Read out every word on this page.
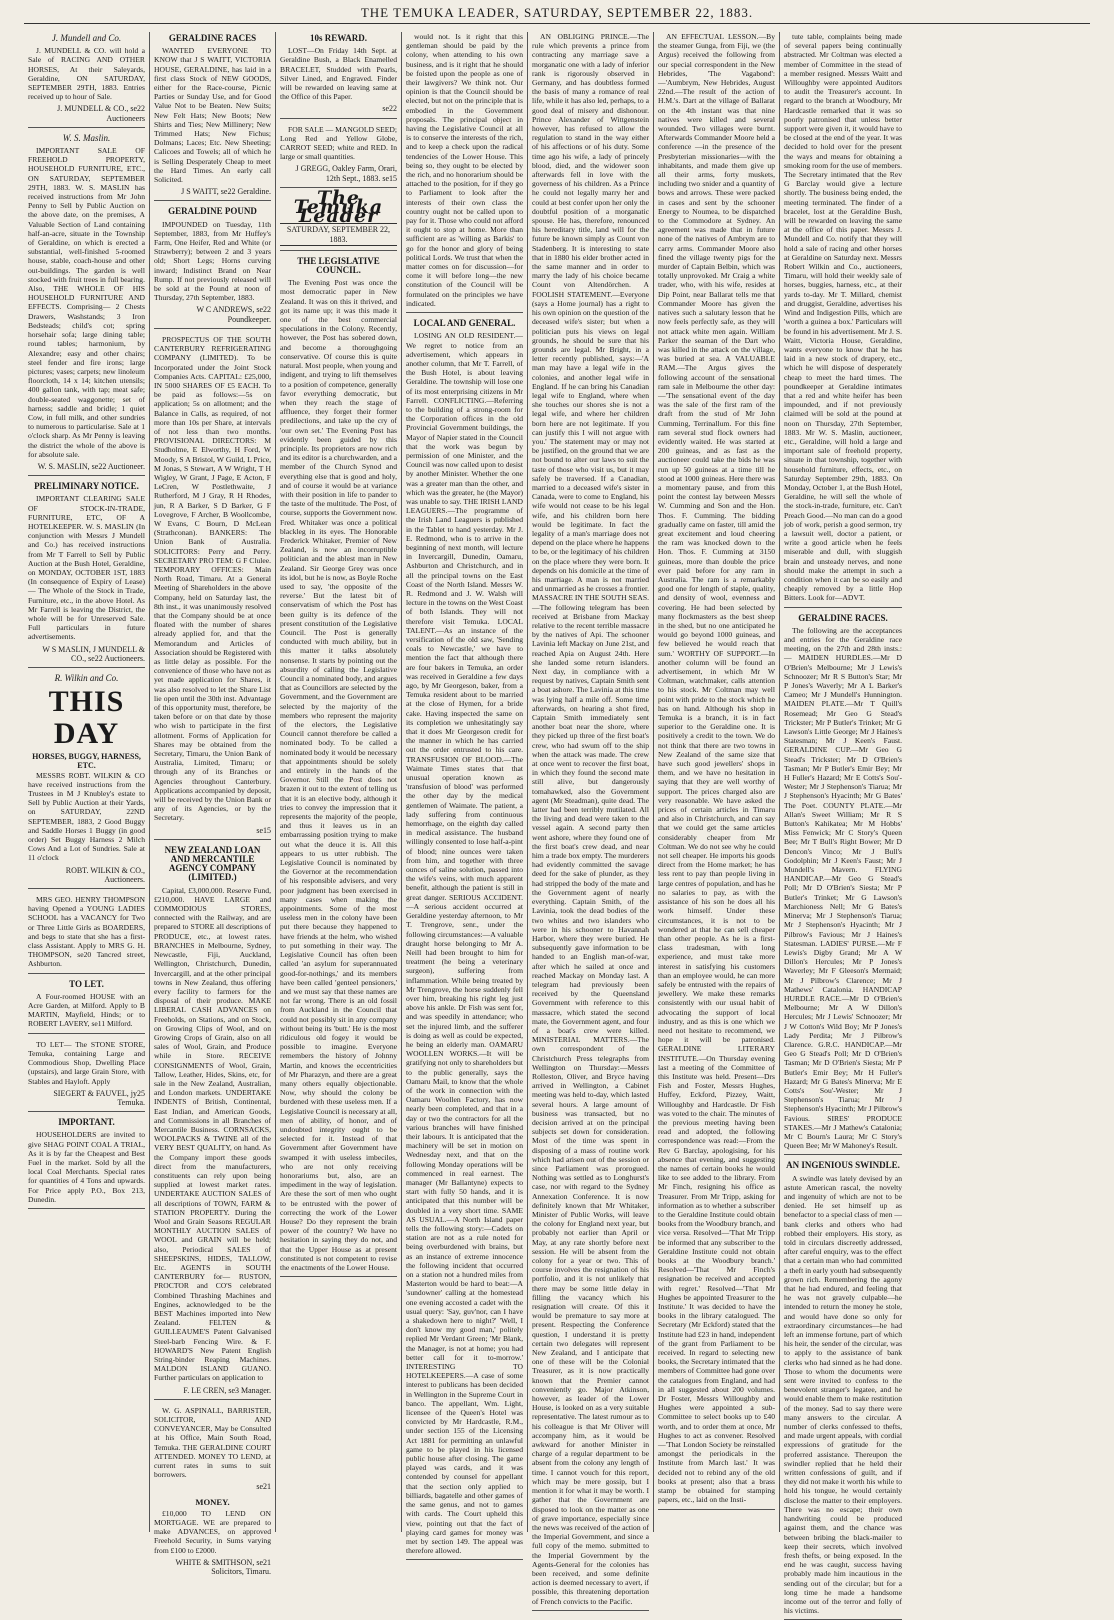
THE TEMUKA LEADER, SATURDAY, SEPTEMBER 22, 1883.
J. Mundell and Co.
J. MUNDELL & CO. will hold a Sale of RACING AND OTHER HORSES, At their Saleyards, Geraldine, ON SATURDAY, SEPTEMBER 29TH, 1883. Entries received up to hour of Sale.
J. MUNDELL & CO., se22 Auctioneers
W. S. Maslin.
IMPORTANT SALE OF FREEHOLD PROPERTY, HOUSEHOLD FURNITURE, ETC., ON SATURDAY, SEPTEMBER 29TH, 1883. W. S. MASLIN has received instructions from Mr John Penny to Sell by Public Auction on the above date, on the premises, A Valuable Section of Land containing half-an-acre, situate in the Township of Geraldine, on which is erected a substantial, well-finished 5-roomed house, stable, coach-house and other out-buildings. The garden is well stocked with fruit trees in full bearing. Also, THE WHOLE OF HIS HOUSEHOLD FURNITURE AND EFFECTS. Comprising— 2 Chests Drawers, Washstands; 3 Iron Bedsteads; child's cot; spring horsehair sofa; large dining table; round tables; harmonium, by Alexandre; easy and other chairs; steel fender and fire irons; large pictures; vases; carpets; new linoleum floorcloth, 14 x 14; kitchen utensils; 400 gallon tank, with tap; meat safe; double-seated waggonette; set of harness; saddle and bridle; 1 quiet Cow, in full milk, and other sundries to numerous to particularise. Sale at 1 o'clock sharp. As Mr Penny is leaving the district the whole of the above is for absolute sale.
W. S. MASLIN, se22 Auctioneer.
PRELIMINARY NOTICE.
IMPORTANT CLEARING SALE OF STOCK-IN-TRADE, FURNITURE, ETC, OF A HOTELKEEPER. W. S. MASLIN (In conjunction with Messrs J Mundell and Co.) has received instructions from Mr T Farrell to Sell by Public Auction at the Bush Hotel, Geraldine, on MONDAY, OCTOBER 1ST, 1883 (In consequence of Expiry of Lease)— The Whole of the Stock in Trade, Furniture, etc., in the above Hotel. As Mr Farrell is leaving the District, the whole will be for Unreserved Sale. Full particulars in future advertisements.
W S MASLIN, J MUNDELL & CO., se22 Auctioneers.
R. Wilkin and Co.
THIS DAY
HORSES, BUGGY, HARNESS, ETC.
MESSRS ROBT. WILKIN & CO have received instructions from the Trustees in M J Knubley's estate to Sell by Public Auction at their Yards, on SATURDAY, 22ND SEPTEMBER, 1883, 2 Good Buggy and Saddle Horses 1 Buggy (in good order) Set Buggy Harness 2 Milch Cows And a Lot of Sundries. Sale at 11 o'clock
ROBT. WILKIN & CO., Auctioneers.
MRS GEO. HENRY THOMPSON having Opened a YOUNG LADIES SCHOOL has a VACANCY for Two or Three Little Girls as BOARDERS, and begs to state that she has a first-class Assistant. Apply to MRS G. H. THOMPSON, se20 Tancred street, Ashburton.
TO LET.
A Four-roomed HOUSE with an Acre Garden, at Milford. Apply to B MARTIN, Mayfield, Hinds; or to ROBERT LAVERY, se11 Milford.
TO LET— The STONE STORE, Temuka, containing Large and Commodious Shop, Dwelling Place (upstairs), and large Grain Store, with Stables and Hayloft. Apply
SIEGERT & FAUVEL, jy25 Temuka.
IMPORTANT.
HOUSEHOLDERS are invited to give SHAG POINT COAL A TRIAL, As it is by far the Cheapest and Best Fuel in the market. Sold by all the local Coal Merchants. Special rates for quantities of 4 Tons and upwards. For Price apply P.O., Box 213, Dunedin.
GERALDINE RACES
WANTED EVERYONE TO KNOW that J S WAITT, VICTORIA HOUSE, GERALDINE, has laid in a first class Stock of NEW GOODS, either for the Race-course, Picnic Parties or Sunday Use, and for Good Value Not to be Beaten. New Suits; New Felt Hats; New Boots; New Shirts and Ties; New Millinery; New Trimmed Hats; New Fichus; Dolmans; Laces; Etc. New Sheeting; Calicoes and Towels; all of which he is Selling Desperately Cheap to meet the Hard Times. An early call Solicited.
J S WAITT, se22 Geraldine.
GERALDINE POUND
IMPOUNDED on Tuesday, 11th September, 1883, from Mr Huffey's Farm, One Heifer, Red and White (or Strawberry); between 2 and 3 years old; Short Legs; Horns curving inward; Indistinct Brand on Near Rump. If not previously released will be sold at the Pound at noon of Thursday, 27th September, 1883.
W C ANDREWS, se22 Poundkeeper.
PROSPECTUS OF THE SOUTH CANTERBURY REFRIGERATING COMPANY (LIMITED). To be Incorporated under the Joint Stock Companies Acts. CAPITAL: £25,000, IN 5000 SHARES OF £5 EACH. To be paid as follows:—5s on application; 5s on allotment; and the Balance in Calls, as required, of not more than 10s per Share, at intervals of not less than two months. PROVISIONAL DIRECTORS: M Studholme, E Elworthy, H Ford, W Moody, S A Bristol, W Guild, L Price, M Jonas, S Stewart, A W Wright, T H Wigley, W Grant, J Page, E Acton, F LeCren, W Postlethwaite, J Rutherford, M J Gray, R H Rhodes, jun, R A Barker, S D Barker, G F Lovegrove, F Archer, B Woollcombe, W Evans, C Bourn, D McLean (Strathconan). BANKERS: The Union Bank of Australia. SOLICITORS: Perry and Perry. SECRETARY PRO TEM: G F Clulee. TEMPORARY OFFICES: Main North Road, Timaru. At a General Meeting of Shareholders in the above Company, held on Saturday last, the 8th inst., it was unanimously resolved that the Company should be at once floated with the number of shares already applied for, and that the Memorandum and Articles of Association should be Registered with as little delay as possible. For the convenience of those who have not as yet made application for Shares, it was also resolved to let the Share List lie open until the 30th inst. Advantage of this opportunity must, therefore, be taken before or on that date by those who wish to participate in the first allotment. Forms of Application for Shares may be obtained from the Secretary, Timaru, the Union Bank of Australia, Limited, Timaru; or through any of its Branches or Agencies throughout Canterbury. Applications accompanied by deposit, will be received by the Union Bank or any of its Agencies, or by the Secretary.
se15
NEW ZEALAND LOAN AND MERCANTILE AGENCY COMPANY (LIMITED.)
Capital, £3,000,000. Reserve Fund, £210,000. HAVE LARGE and COMMODIOUS STORES, connected with the Railway, and are prepared to STORE all descriptions of PRODUCE, etc., at lowest rates. BRANCHES in Melbourne, Sydney, Newcastle, Fiji, Auckland, Wellington, Christchurch, Dunedin, Invercargill, and at the other principal towns in New Zealand, thus offering every facility to farmers for the disposal of their produce. MAKE LIBERAL CASH ADVANCES on Freeholds, on Stations, and on Stock, on Growing Clips of Wool, and on Growing Crops of Grain, also on all sales of Wool, Grain, and Produce while in Store. RECEIVE CONSIGNMENTS of Wool, Grain, Tallow, Leather, Hides, Skins, etc, for sale in the New Zealand, Australian, and London markets. UNDERTAKE INDENTS of British, Continental, East Indian, and American Goods, and Commissions in all Branches of Mercantile Business. CORNSACKS, WOOLPACKS & TWINE all of the VERY BEST QUALITY, on hand. As the Company import these goods direct from the manufacturers, constituents can rely upon being supplied at lowest market rates. UNDERTAKE AUCTION SALES of all descriptions of TOWN, FARM & STATION PROPERTY. During the Wool and Grain Seasons REGULAR MONTHLY AUCTION SALES of WOOL and GRAIN will be held; also, Periodical SALES of SHEEPSKINS, HIDES, TALLOW, Etc. AGENTS in SOUTH CANTERBURY for— RUSTON, PROCTOR and CO'S celebrated Combined Thrashing Machines and Engines, acknowledged to be the BEST Machines imported into New Zealand. FELTEN & GUILLEAUME'S Patent Galvanised Steel-barb Fencing Wire. & F. HOWARD'S New Patent English String-binder Reaping Machines. MALDON ISLAND GUANO. Further particulars on application to
F. LE CREN, se3 Manager.
W. G. ASPINALL, BARRISTER, SOLICITOR, AND CONVEYANCER, May be Consulted at his Office, Main South Road, Temuka. THE GERALDINE COURT ATTENDED. MONEY TO LEND, at current rates in sums to suit borrowers.
se21
MONEY.
£10,000 TO LEND ON MORTGAGE. WE are prepared to make ADVANCES, on approved Freehold Security, in Sums varying from £100 to £2000.
WHITE & SMITHSON, se21 Solicitors, Timaru.
10s REWARD.
LOST—On Friday 14th Sept. at Geraldine Bush, a Black Enamelled BRACELET, Studded with Pearls, Silver Lined, and Engraved. Finder will be rewarded on leaving same at the Office of this Paper.
se22
FOR SALE — MANGOLD SEED; Long Red and Yellow Globe, CARROT SEED; white and RED. In large or small quantities.
J GREGG, Oakley Farm, Orari, 12th Sept., 1883. se15
The Temuka Leader
SATURDAY, SEPTEMBER 22, 1883.
THE LEGISLATIVE COUNCIL.
The Evening Post was once the most democratic paper in New Zealand. It was on this it thrived, and got its name up; it was this made it one of the best commercial speculations in the Colony. Recently, however, the Post has sobered down, and become a thoroughgoing conservative. Of course this is quite natural. Most people, when young and indigent, and trying to lift themselves to a position of competence, generally favor everything democratic, but when they reach the stage of affluence, they forget their former predilections, and take up the cry of 'our own set.' The Evening Post has evidently been guided by this principle. Its proprietors are now rich and its editor is a churchwarden, and a member of the Church Synod and everything else that is good and holy, and of course it would be at variance with their position in life to pander to the taste of the multitude. The Post, of course, supports the Government now. Fred. Whitaker was once a political blackleg in its eyes. The Honorable Frederick Whitaker, Premier of New Zealand, is now an incorruptible politician and the ablest man in New Zealand. Sir George Grey was once its idol, but he is now, as Boyle Roche used to say, 'the opposite of the reverse.' But the latest bit of conservatism of which the Post has been guilty is its defence of the present constitution of the Legislative Council. The Post is generally conducted with much ability, but in this matter it talks absolutely nonsense. It starts by pointing out the absurdity of calling the Legislative Council a nominated body, and argues that as Councillors are selected by the Government, and the Government are selected by the majority of the members who represent the majority of the electors, the Legislative Council cannot therefore be called a nominated body. To be called a nominated body it would be necessary that appointments should be solely and entirely in the hands of the Governor. Still the Post does not brazen it out to the extent of telling us that it is an elective body, although it tries to convey the impression that it represents the majority of the people, and thus it leaves us in an embarrassing position trying to make out what the deuce it is. All this appears to us utter rubbish. The Legislative Council is nominated by the Governor at the recommendation of his responsible advisers, and very poor judgment has been exercised in many cases when making the appointments. Some of the most useless men in the colony have been put there because they happened to have friends at the helm, who wished to put something in their way. The Legislative Council has often been called 'an asylum for superannuated good-for-nothings,' and its members have been called 'genteel pensioners,' and we must say that these names are not far wrong. There is an old fossil from Auckland in the Council that could not possibly sit in any company without being its 'butt.' He is the most ridiculous old fogey it would be possible to imagine. Everyone remembers the history of Johnny Martin, and knows the eccentricities of Mr Pharazyn, and there are a great many others equally objectionable. Now, why should the colony be burdened with these useless men. If a Legislative Council is necessary at all, men of ability, of honor, and of undoubted integrity ought to be selected for it. Instead of that Government after Government have swamped it with useless imbeciles, who are not only receiving honorariums but, also, are an impediment in the way of legislation. Are these the sort of men who ought to be entrusted with the power of correcting the work of the Lower House? Do they represent the brain power of the country? We have no hesitation in saying they do not, and that the Upper House as at present constituted is not competent to revise the enactments of the Lower House.
would not. Is it right that this gentleman should be paid by the colony, when attending to his own business, and is it right that he should be foisted upon the people as one of their lawgivers? We think not. Our opinion is that the Council should be elected, but not on the principle that is embodied in the Government proposals. The principal object in having the Legislative Council at all is to conserve the interests of the rich, and to keep a check upon the radical tendencies of the Lower House. This being so, they ought to be elected by the rich, and no honorarium should be attached to the position, for if they go to Parliament to look after the interests of their own class the country ought not be called upon to pay for it. Those who could not afford it ought to stop at home. More than sufficient are as 'willing as Barkis' to go for the honor and glory of being political Lords. We trust that when the matter comes on for discussion—for come it will before long—the new constitution of the Council will be formulated on the principles we have indicated.
LOCAL AND GENERAL.
LOSING AN OLD RESIDENT.—We regret to notice from an advertisement, which appears in another column, that Mr T. Farrell, of the Bush Hotel, is about leaving Geraldine. The township will lose one of its most enterprising citizens in Mr Farrell. CONFLICTING.—Referring to the building of a strong-room for the Corporation offices in the old Provincial Government buildings, the Mayor of Napier stated in the Council that the work was begun by permission of one Minister, and the Council was now called upon to desist by another Minister. Whether the one was a greater man than the other, and which was the greater, he (the Mayor) was unable to say. THE IRISH LAND LEAGUERS.—The programme of the Irish Land Leaguers is published in the Tablet to hand yesterday. Mr J. E. Redmond, who is to arrive in the beginning of next month, will lecture in Invercargill, Dunedin, Oamaru, Ashburton and Christchurch, and in all the principal towns on the East Coast of the North Island. Messrs W. R. Redmond and J. W. Walsh will lecture in the towns on the West Coast of both Islands. They will not therefore visit Temuka. LOCAL TALENT.—As an instance of the versification of the old saw, 'Sending coals to Newcastle,' we have to mention the fact that although there are four bakers in Temuka, an order was received in Geraldine a few days ago, by Mr Georgeson, baker, from a Temuka resident about to be married at the close of Hymen, for a bride cake. Having inspected the same on its completion we unhesitatingly say that it does Mr Georgeson credit for the manner in which he has carried out the order entrusted to his care. TRANSFUSION OF BLOOD.—The Waimate Times states that that unusual operation known as 'transfusion of blood' was performed the other day by the medical gentlemen of Waimate. The patient, a lady suffering from continuous hemorrhage, on the eighth day called in medical assistance. The husband willingly consented to lose half-a-pint of blood; nine ounces were taken from him, and together with three ounces of saline solution, passed into the wife's veins, with much apparent benefit, although the patient is still in great danger. SERIOUS ACCIDENT.—A serious accident occurred at Geraldine yesterday afternoon, to Mr T. Trengrove, senr., under the following circumstances:—A valuable draught horse belonging to Mr A. Neill had been brought to him for treatment (he being a veterinary surgeon), suffering from inflammation. While being treated by Mr Trengrove, the horse suddenly fell over him, breaking his right leg just above his ankle. Dr Fish was sent for, and was speedily in attendance; who set the injured limb, and the sufferer is doing as well as could be expected, he being an elderly man. OAMARU WOOLLEN WORKS.—It will be gratifying not only to shareholders but to the public generally, says the Oamaru Mail, to know that the whole of the work in connection with the Oamaru Woollen Factory, has now nearly been completed, and that in a day or two the contractors for all the various branches will have finished their labours. It is anticipated that the machinery will be set in motion on Wednesday next, and that on the following Monday operations will be commenced in real earnest. The manager (Mr Ballantyne) expects to start with fully 50 hands, and it is anticipated that this number will be doubled in a very short time. SAME AS USUAL.—A North Island paper tells the following story:—Cadets on station are not as a rule noted for being overburdened with brains, but as an instance of extreme innocence the following incident that occurred on a station not a hundred miles from Masterton would be hard to beat:—A 'sundowner' calling at the homestead one evening accosted a cadet with the usual query: 'Say, guv'nor, can I have a shakedown here to night?' 'Well, I don't know my good man,' politely replied Mr Verdant Green; 'Mr Blank, the Manager, is not at home; you had better call for it to-morrow.' INTERESTING TO HOTELKEEPERS.—A case of some interest to publicans has been decided in Wellington in the Supreme Court in banco. The appellant, Wm. Light, licensee of the Queen's Hotel was convicted by Mr Hardcastle, R.M., under section 155 of the Licensing Act 1881 for permitting an unlawful game to be played in his licensed public house after closing. The game played was cards, and it was contended by counsel for appellant that the section only applied to billiards, bagatelle and other games of the same genus, and not to games with cards. The Court upheld this view, pointing out that the fact of playing card games for money was met by section 149. The appeal was therefore allowed.
AN OBLIGING PRINCE.—The rule which prevents a prince from contracting any marriage save a morganatic one with a lady of inferior rank is rigorously observed in Germany, and has doubtless formed the basis of many a romance of real life, while it has also led, perhaps, to a good deal of misery and dishonour. Prince Alexander of Wittgenstein however, has refused to allow the regulation to stand in the way either of his affections or of his duty. Some time ago his wife, a lady of princely blood, died, and the widower soon afterwards fell in love with the governess of his children. As a Prince he could not legally marry her and could at best confer upon her only the doubtful position of a morganatic spouse. He has, therefore, renounced his hereditary title, land will for the future be known simply as Count von Stadenberg. It is interesting to state that in 1880 his elder brother acted in the same manner and in order to marry the lady of his choice became Count von Altendörchen. A FOOLISH STATEMENT.—Everyone (says a Home journal) has a right to his own opinion on the question of the deceased wife's sister; but when a politician puts his views on legal grounds, he should be sure that his grounds are legal. Mr Bright, in a letter recently published, says:—'A man may have a legal wife in the colonies, and another legal wife in England. If he can bring his Canadian legal wife to England, where when she touches our shores she is not a legal wife, and where her children born here are not legitimate. If you can justify this I will not argue with you.' The statement may or may not be justified, on the ground that we are not bound to alter our laws to suit the taste of those who visit us, but it may safely be traversed. If a Canadian, married to a deceased wife's sister in Canada, were to come to England, his wife would not cease to be his legal wife, and his children born here would be legitimate. In fact the legality of a man's marriage does not depend on the place where he happens to be, or the legitimacy of his children on the place where they were born. It depends on his domicile at the time of his marriage. A man is not married and unmarried as he crosses a frontier. MASSACRE IN THE SOUTH SEAS.—The following telegram has been received at Brisbane from Mackay relative to the recent terrible massacre by the natives of Api. The schooner Lavinia left Mackay on June 21st, and reached Apia on August 24th. Here she landed some return islanders. Next day, in compliance with a request by natives, Captain Smith sent a boat ashore. The Lavinia at this time was lying half a mile off. Some time afterwards, on hearing a shot fired, Captain Smith immediately sent another boat near the shore, where they picked up three of the first boat's crew, who had swum off to the ship when the attack was made. The crew at once went to recover the first boat, in which they found the second mate still alive, but dangerously tomahawked, also the Government agent (Mr Steadman), quite dead. The latter had been terribly mutilated. All the living and dead were taken to the vessel again. A second party then went ashore, where they found one of the first boat's crew dead, and near him a trade box empty. The murderers had evidently committed the savage deed for the sake of plunder, as they had stripped the body of the mate and the Government agent of nearly everything. Captain Smith, of the Lavinia, took the dead bodies of the two whites and two islanders who were in his schooner to Havannah Harbor, where they were buried. He subsequently gave information to be handed to an English man-of-war, after which he sailed at once and reached Mackay on Monday last. A telegram had previously been received by the Queensland Government with reference to this massacre, which stated the second mate, the Government agent, and four of a boat's crew were killed. MINISTERIAL MATTERS.—The own correspondent of the Christchurch Press telegraphs from Wellington on Thursday:—Messrs Rolleston, Oliver, and Bryce having arrived in Wellington, a Cabinet meeting was held to-day, which lasted several hours. A large amount of business was transacted, but no decision arrived at on the principal subjects set down for consideration. Most of the time was spent in disposing of a mass of routine work which had arisen out of the session or since Parliament was prorogued. Nothing was settled as to Longhurst's case, nor with regard to the Sydney Annexation Conference. It is now definitely known that Mr Whitaker, Minister of Public Works, will leave the colony for England next year, but probably not earlier than April or May, at any rate shortly before next session. He will be absent from the colony for a year or two. This of course involves the resignation of his portfolio, and it is not unlikely that there may be some little delay in filling the vacancy which his resignation will create. Of this it would be premature to say more at present. Respecting the Conference question, I understand it is pretty certain two delegates will represent New Zealand, and I anticipate that one of these will be the Colonial Treasurer, as it is now practically known that the Premier cannot conveniently go. Major Atkinson, however, as leader of the Lower House, is looked on as a very suitable representative. The latest rumour as to his colleague is that Mr Oliver will accompany him, as it would be awkward for another Minister in charge of a regular department to be absent from the colony any length of time. I cannot vouch for this report, which may be mere gossip, but I mention it for what it may be worth. I gather that the Government are disposed to look on the matter as one of grave importance, especially since the news was received of the action of the Imperial Government, and since a full copy of the memo. submitted to the Imperial Government by the Agents-General for the colonies has been received, and some definite action is deemed necessary to avert, if possible, this threatening deportation of French convicts to the Pacific.
AN EFFECTUAL LESSON.—By the steamer Gunga, from Fiji, we (the Argus) received the following from our special correspondent in the New Hebrides, 'The Vagabond':—'Aumbrym, New Hebrides, August 22nd.—The result of the action of H.M.'s. Dart at the village of Ballarat on the 4th instant was that nine natives were killed and several wounded. Two villages were burnt. Afterwards Commander Moore held a conference —in the presence of the Presbyterian missionaries—with the inhabitants, and made them give up all their arms, forty muskets, including two snider and a quantity of bows and arrows. These were packed in cases and sent by the schooner Energy to Noumea, to be dispatched to the Commodore at Sydney. An agreement was made that in future none of the natives of Ambrym are to carry arms. Commander Moore also fined the village twenty pigs for the murder of Captain Belbin, which was totally unprovoked. Mr Craig a white trader, who, with his wife, resides at Dip Point, near Ballarat tells me that Commander Moore has given the natives such a salutary lesson that he now feels perfectly safe, as they will not attack white men again. William Parker the seaman of the Dart who was killed in the attack on the village, was buried at sea. A VALUABLE RAM.—The Argus gives the following account of the sensational ram sale in Melbourne the other day:—'The sensational event of the day was the sale of the first ram of the draft from the stud of Mr John Cumming, Terrinallum. For this fine ram several stud flock owners had evidently waited. He was started at 200 guineas, and as fast as the auctioneer could take the bids he was run up 50 guineas at a time till he stood at 1000 guineas. Here there was a momentary pause, and from this point the contest lay between Messrs W. Cumming and Son and the Hon. Thos. F. Cumming. The bidding gradually came on faster, till amid the great excitement and loud cheering the ram was knocked down to the Hon. Thos. F. Cumming at 3150 guineas, more than double the price ever paid before for any ram in Australia. The ram is a remarkably good one for length of staple, quality, and density of wool, evenness and covering. He had been selected by many flockmasters as the best sheep in the shed, but no one anticipated he would go beyond 1000 guineas, and few believed he would reach that sum.' WORTHY OF SUPPORT.—In another column will be found an advertisement, in which Mr W Coltman, watchmaker, calls attention to his stock. Mr Coltman may well point with pride to the stock which he has on hand. Although his shop in Temuka is a branch, it is in fact superior to the Geraldine one. It is positively a credit to the town. We do not think that there are two towns in New Zealand of the same size that have such good jewellers' shops in them, and we have no hesitation in saying that they are well worthy of support. The prices charged also are very reasonable. We have asked the prices of certain articles in Timaru and also in Christchurch, and can say that we could get the same articles considerably cheaper from Mr Coltman. We do not see why he could not sell cheaper. He imports his goods direct from the Home market; he has less rent to pay than people living in large centres of population, and has he no salaries to pay, as with the assistance of his son he does all his work himself. Under these circumstances, it is not to be wondered at that he can sell cheaper than other people. As he is a first-class tradesman, with long experience, and must take more interest in satisfying his customers than an employee would, he can more safely be entrusted with the repairs of jewellery. We make these remarks consistently with our usual habit of advocating the support of local industry, and as this is one which we need not hesitate to recommend, we hope it will be patronised. GERALDINE LITERARY INSTITUTE.—On Thursday evening last a meeting of the Committee of this Institute was held. Present—Drs Fish and Foster, Messrs Hughes, Huffey, Eckford, Pizzey, Waitt, Willoughby and Hardcastle. Dr Fish was voted to the chair. The minutes of the previous meeting having been read and adopted, the following correspondence was read:—From the Rev G Barclay, apologising, for his absence that evening, and suggesting the names of certain books he would like to see added to the library. From Mr Finch, resigning his office as Treasurer. From Mr Tripp, asking for information as to whether a subscriber to the Geraldine Institute could obtain books from the Woodbury branch, and vice versa. Resolved—'That Mr Tripp be informed that any subscriber to the Geraldine Institute could not obtain books at the Woodbury branch.' Resolved—'That Mr Finch's resignation be received and accepted with regret.' Resolved—'That Mr Hughes be appointed Treasurer to the Institute.' It was decided to have the books in the library catalogued. The Secretary (Mr Eckford) stated that the Institute had £23 in hand, independent of the grant from Parliament to be received. In regard to selecting new books, the Secretary intimated that the members of Committee had gone over the catalogues from England, and had in all suggested about 200 volumes. Dr Foster, Messrs Willoughby and Hughes were appointed a sub-Committee to select books up to £40 worth, and to order them at once, Mr Hughes to act as convener. Resolved—'That London Society be reinstalled amongst the periodicals in the Institute from March last.' It was decided not to rebind any of the old books at present; also that a brass stamp be obtained for stamping papers, etc., laid on the Insti-
tute table, complaints being made of several papers being continually abstracted. Mr Coltman was elected a member of Committee in the stead of a member resigned. Messrs Waitt and Willoughby were appointed Auditors to audit the Treasurer's account. In regard to the branch at Woodbury, Mr Hardcastle remarked that it was so poorly patronised that unless better support were given it, it would have to be closed at the end of the year. It was decided to hold over for the present the ways and means for obtaining a smoking room for the use of members. The Secretary intimated that the Rev G Barclay would give a lecture shortly. The business being ended, the meeting terminated. The finder of a bracelet, lost at the Geraldine Bush, will be rewarded on leaving the same at the office of this paper. Messrs J. Mundell and Co. notify that they will hold a sale of racing and other horses at Geraldine on Saturday next. Messrs Robert Wilkin and Co., auctioneers, Timaru, will hold their weekly sale of horses, buggies, harness, etc., at their yards to-day. Mr T. Millard, chemist and druggist, Geraldine, advertises his Wind and Indigestion Pills, which are 'worth a guinea a box.' Particulars will be found in his advertisement. Mr J. S. Waitt, Victoria House, Geraldine, wants everyone to know that he has laid in a new stock of drapery, etc., which he will dispose of desperately cheap to meet the hard times. The poundkeeper at Geraldine intimates that a red and white heifer has been impounded, and if not previously claimed will be sold at the pound at noon on Thursday, 27th September, 1883. Mr W. S. Maslin, auctioneer, etc., Geraldine, will hold a large and important sale of freehold property, situate in that township, together with household furniture, effects, etc., on Saturday September 29th, 1883. On Monday, October 1, at the Bush Hotel, Geraldine, he will sell the whole of the stock-in-trade, furniture, etc. Can't Preach Good.—No man can do a good job of work, perish a good sermon, try a lawsuit well, doctor a patient, or write a good article when he feels miserable and dull, with sluggish brain and unsteady nerves, and none should make the attempt in such a condition when it can be so easily and cheaply removed by a little Hop Bitters. Look for—ADVT.
GERALDINE RACES.
The following are the acceptances and entries for the Geraldine race meeting, on the 27th and 28th insts.:— MAIDEN HURDLES.—Mr D O'Brien's Melbourne; Mr J Lewis's Schnoozer; Mr R S Button's Star; Mr P Jones's Waverly; Mr A L Barker's Cameo; Mr J Mundell's Hunnington. MAIDEN PLATE.—Mr T Quill's Rosemead; Mr Geo G Stead's Trickster; Mr P Butler's Trinket; Mr G Lawson's Little George; Mr J Haines's Statesman; Mr J Keen's Faust. GERALDINE CUP.—Mr Geo G Stead's Trickster; Mr D O'Brien's Tasman; Mr P Butler's Emir Bey; Mr H Fuller's Hazard; Mr E Cotts's Sou'-Wester; Mr J Stephenson's Tiarua; Mr J Stephenson's Hyacinth; Mr G Bates' The Poet. COUNTY PLATE.—Mr Allan's Sweet William; Mr R S Button's Kahikatea; Mr M Hobbs' Miss Fenwick; Mr C Story's Queen Bee; Mr T Bull's Right Bower; Mr D Dencon's Vinco; Mr J Bull's Godolphin; Mr J Keen's Faust; Mr J Mundell's Mavern. FLYING HANDICAP.—Mr Geo G Stead's Poll; Mr D O'Brien's Siesta; Mr P Butler's Trinket; Mr G Lawson's Marchioness Nell; Mr G Bates's Minerva; Mr J Stephenson's Tiarua; Mr J Stephenson's Hyacinth; Mr J Pilbrow's Favious; Mr J Haines's Statesman. LADIES' PURSE.—Mr F Lewis's Digby Grand; Mr A W Dillon's Hercules; Mr P Jones's Waverley; Mr F Gleeson's Mermaid; Mr J Pilbrow's Clarence; Mr J Mathews' Catalonia. HANDICAP HURDLE RACE.—Mr D O'Brien's Melbourne; Mr A W Dillon's Hercules; Mr J Lewis' Schnoozer; Mr J W Cotton's Wild Boy; Mr P Jones's Lady Perdita; Mr J Pilbrow's Clarence. G.R.C. HANDICAP.—Mr Geo G Stead's Poll; Mr D O'Brien's Tasman; Mr D O'Brien's Siesta; Mr P Butler's Emir Bey; Mr H Fuller's Hazard; Mr G Bates's Minerva; Mr E Cotts's Sou'-Wester; Mr J Stephenson's Tiarua; Mr J Stephenson's Hyacinth; Mr J Pilbrow's Favious. SIRES' PRODUCE STAKES.—Mr J Mathew's Catalonia; Mr C Bourn's Laura; Mr C Story's Queen Bee; Mr W Mahoney's Result.
AN INGENIOUS SWINDLE.
A swindle was lately devised by an astute American rascal, the novelty and ingenuity of which are not to be denied. He set himself up as benefactor to a special class of men — bank clerks and others who had robbed their employers. His story, as told in circulars discreetly addressed, after careful enquiry, was to the effect that a certain man who had committed a theft in early youth had subsequently grown rich. Remembering the agony that he had endured, and feeling that he was not gravely culpable—he intended to return the money he stole, and would have done so only for extraordinary circumstances—he had left an immense fortune, part of which his heir, the sender of the circular, was to apply to the assistance of bank clerks who had sinned as he had done. Those to whom the documents were sent were invited to confess to the benevolent stranger's legatee, and he would enable them to make restitution of the money. Sad to say there were many answers to the circular. A number of clerks confessed to thefts, and made urgent appeals, with cordial expressions of gratitude for the proferred assistance. Thereupon the swindler replied that he held their written confessions of guilt, and if they did not make it worth his while to hold his tongue, he would certainly disclose the matter to their employers. There was no escape; their own handwriting could be produced against them, and the chance was between bribing the black-mailer to keep their secrets, which involved fresh thefts, or being exposed. In the end he was caught, success having probably made him incautious in the sending out of the circular; but for a long time he made a handsome income out of the terror and folly of his victims.
